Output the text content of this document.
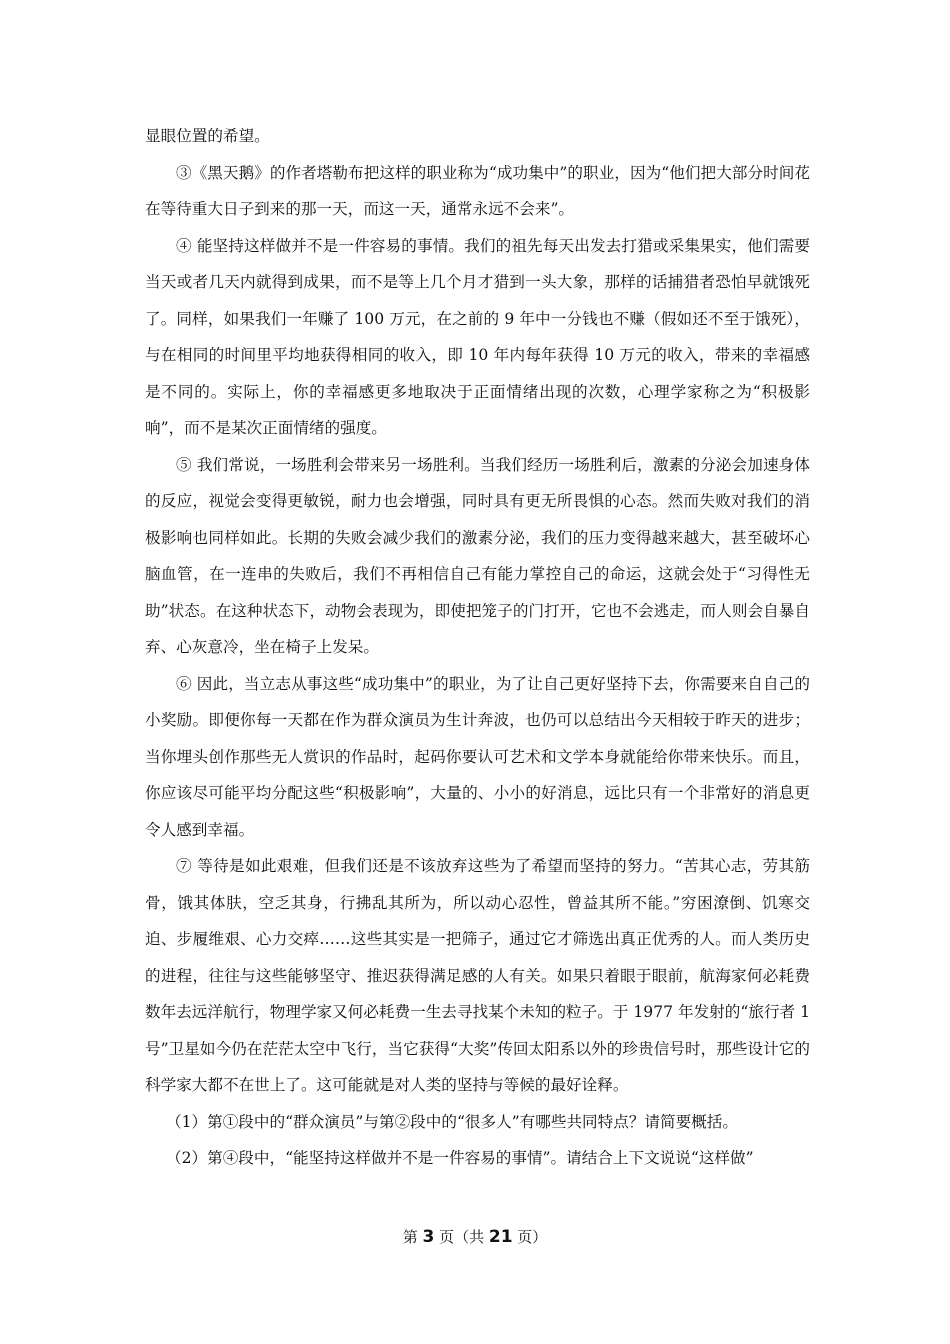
显眼位置的希望。

③《黑天鹅》的作者塔勒布把这样的职业称为“成功集中”的职业，因为“他们把大部分时间花在等待重大日子到来的那一天，而这一天，通常永远不会来”。

④ 能坚持这样做并不是一件容易的事情。我们的祖先每天出发去打猎或采集果实，他们需要当天或者几天内就得到成果，而不是等上几个月才猎到一头大象，那样的话捕猎者恐怕早就饿死了。同样，如果我们一年赚了 100 万元，在之前的 9 年中一分钱也不赚（假如还不至于饿死），与在相同的时间里平均地获得相同的收入，即 10 年内每年获得 10 万元的收入，带来的幸福感是不同的。实际上，你的幸福感更多地取决于正面情绪出现的次数，心理学家称之为“积极影响”，而不是某次正面情绪的强度。

⑤ 我们常说，一场胜利会带来另一场胜利。当我们经历一场胜利后，激素的分泌会加速身体的反应，视觉会变得更敏锐，耐力也会增强，同时具有更无所畏惧的心态。然而失败对我们的消极影响也同样如此。长期的失败会减少我们的激素分泌，我们的压力变得越来越大，甚至破坏心脑血管，在一连串的失败后，我们不再相信自己有能力掌控自己的命运，这就会处于“习得性无助”状态。在这种状态下，动物会表现为，即使把笼子的门打开，它也不会逃走，而人则会自暴自弃、心灰意冷，坐在椅子上发呆。

⑥ 因此，当立志从事这些“成功集中”的职业，为了让自己更好坚持下去，你需要来自自己的小奖励。即便你每一天都在作为群众演员为生计奔波，也仍可以总结出今天相较于昨天的进步；当你埋头创作那些无人赏识的作品时，起码你要认可艺术和文学本身就能给你带来快乐。而且，你应该尽可能平均分配这些“积极影响”，大量的、小小的好消息，远比只有一个非常好的消息更令人感到幸福。

⑦ 等待是如此艰难，但我们还是不该放弃这些为了希望而坚持的努力。“苦其心志，劳其筋骨，饿其体肤，空乏其身，行拂乱其所为，所以动心忍性，曾益其所不能。”穷困潦倒、饥寒交迫、步履维艰、心力交瘁……这些其实是一把筛子，通过它才筛选出真正优秀的人。而人类历史的进程，往往与这些能够坚守、推迟获得满足感的人有关。如果只着眼于眼前，航海家何必耗费数年去远洋航行，物理学家又何必耗费一生去寻找某个未知的粒子。于 1977 年发射的“旅行者 1 号”卫星如今仍在茫茫太空中飞行，当它获得“大奖”传回太阳系以外的珍贵信号时，那些设计它的科学家大都不在世上了。这可能就是对人类的坚持与等候的最好诠释。

（1）第①段中的“群众演员”与第②段中的“很多人”有哪些共同特点？请简要概括。

（2）第④段中，“能坚持这样做并不是一件容易的事情”。请结合上下文说说“这样做”

第 3 页（共 21 页）
